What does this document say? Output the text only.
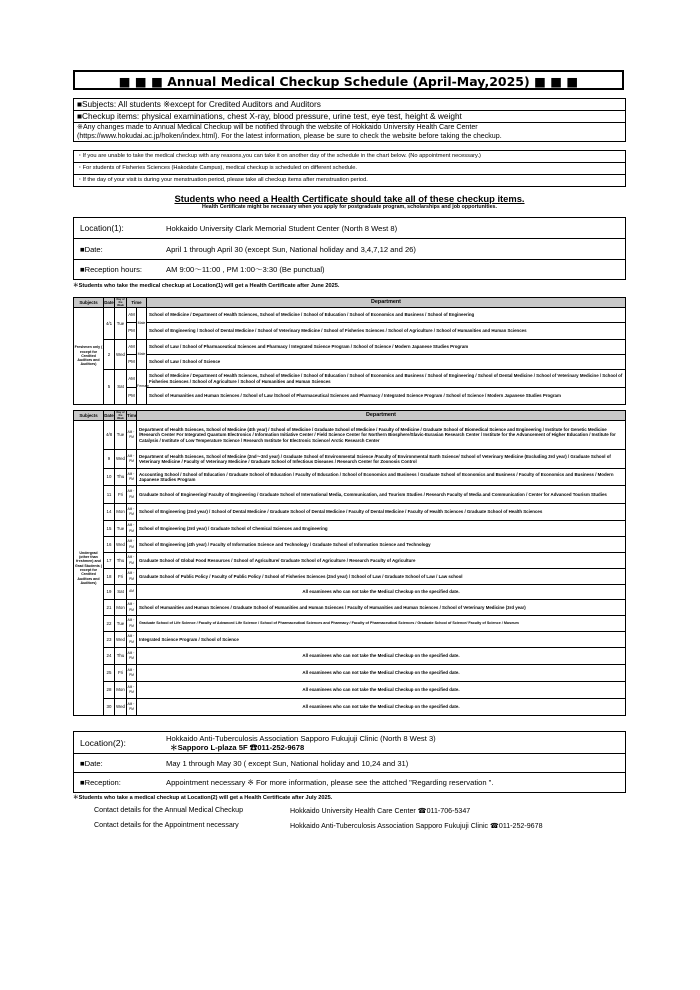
■ ■ ■ Annual Medical Checkup Schedule (April-May,2025) ■ ■ ■
■Subjects: All students ※except for Credited Auditors and Auditors
■Checkup items: physical examinations, chest X-ray, blood pressure, urine test, eye test, height & weight
※Any changes made to Annual Medical Checkup will be notified through the website of Hokkaido University Health Care Center
(https://www.hokudai.ac.jp/hoken/index.html). For the latest information, please be sure to check the website before taking the checkup.
・If you are unable to take the medical checkup with any reasons,you can take it on another day of the schedule in the chart below. (No appointment necessary.)
・For students of Fisheries Sciences (Hakodate Campus), medical checkup is scheduled on different schedule.
・If the day of your visit is during your menstruation period, please take all checkup items after menstruation period.
Students who need a Health Certificate should take all of these checkup items.
Health Certificate might be necessary when you apply for postgraduate program, scholarships and job opportunities.
Location(1):	Hokkaido University Clark Memorial Student Center (North 8 West 8)
■Date:	April 1 through April 30 (except Sun, National holiday and 3,4,7,12 and 26)
■Reception hours:	AM 9:00～11:00 , PM 1:00～3:30 (Be punctual)
＊Students who take the medical checkup at Location(1) will get a Health Certificate after June 2025.
Subjects	Date	Day of the Week	Time		Department
Freshmen only ( except for Credited Auditors and Auditors)	4/1	Tue	AM	Male	School of Medicine / Department of Health Sciences, School of Medicine / School of Education / School of Economics and Business / School of Engineering
			PM		School of Engineering / School of Dental Medicine / School of Veterinary Medicine / School of Fisheries Sciences / School of Agriculture / School of Humanities and Human Sciences
	2	Wed	AM	Male	School of Law / School of Pharmaceutical Sciences and Pharmacy / Integrated Science Program / School of Science / Modern Japanese Studies Program
			PM		School of Law / School of Science
	5	Sat	AM	Female	School of Medicine / Department of Health Sciences, School of Medicine / School of Education / School of Economics and Business / School of Engineering / School of Dental Medicine / School of Veterinary Medicine / School of Fisheries Sciences / School of Agriculture / School of Humanities and Human Sciences
			PM		School of Humanities and Human Sciences / School of Law /School of Pharmaceutical Sciences and Pharmacy / Integrated Science Program / School of Science / Modern Japanese Studies Program
Subjects	Date	Day of the Week	Time	Department
Undergrad (other than freshmen) and Grad Students ( except for Credited Auditors and Auditors)	4/8	Tue	AM・PM	Department of Health Sciences, School of Medicine (4th year) / School of Medicine / Graduate School of Medicine / Faculty of Medicine / Graduate School of Biomedical Science and Engineering / Institute for Genetic Medicine /Research Center For Integrated Quantum Electronics / Information Initiative Center / Field Science Center for Northern Biosphere/Slavic-Eurasian Research Center / Institute for the Advancement of Higher Education / Institute for Catalysis / Institute of Low Temperature Science / Research Institute for Electronic Science/ Arctic Research Center
	9	Wed	AM・PM	Department of Health Sciences, School of Medicine (2nd～3rd year) / Graduate School of Environmental Science /Faculty of Environmental Earth Science/ School of Veterinary Medicine (Excluding 3rd year) / Graduate School of Veterinary Medicine / Faculty of Veterinary Medicine / Graduate School of Infectious Diseases / Research Center for Zoonosis Control
	10	Thu	AM・PM	Accounting School / School of Education / Graduate School of Education / Faculty of Education / School of Economics and Business / Graduate School of Economics and Business / Faculty of Economics and Business / Modern Japanese Studies Program
	11	Fri	AM・PM	Graduate School of Engineering/ Faculty of Engineering / Graduate School of International Media, Communication, and Tourism Studies / Research Faculty of Media and Communication / Center for Advanced Tourism Studies
	14	Mon	AM・PM	School of Engineering (2nd year) / School of Dental Medicine / Graduate School of Dental Medicine / Faculty of Dental Medicine / Faculty of Health Sciences / Graduate School of Health Sciences
	15	Tue	AM・PM	School of Engineering (3rd year) / Graduate School of Chemical Sciences and Engineering
	16	Wed	AM・PM	School of Engineering (4th year) / Faculty of Information Science and Technology / Graduate School of Information Science and Technology
	17	Thu	AM・PM	Graduate School of Global Food Resources / School of Agriculture/ Graduate School of Agriculture / Research Faculty of Agriculture
	18	Fri	AM・PM	Graduate School of Public Policy / Faculty of Public Policy / School of Fisheries Sciences (2nd year) / School of Law / Graduate School of Law / Law school
	19	Sat	AM	All examinees who can not take the Medical Checkup on the specified date.
	21	Mon	AM・PM	School of Humanities and Human Sciences / Graduate School of Humanities and Human Sciences / Faculty of Humanities and Human Sciences / School of Veterinary Medicine (3rd year)
	22	Tue	AM・PM	Graduate School of Life Science / Faculty of Advanced Life Science / School of Pharmaceutical Sciences and Pharmacy / Faculty of Pharmaceutical Sciences / Graduate School of Science/ Faculty of Science / Museum
	23	Wed	AM・PM	Integrated Science Program / School of Science
	24	Thu	AM・PM	All examinees who can not take the Medical Checkup on the specified date.
	25	Fri	AM・PM	All examinees who can not take the Medical Checkup on the specified date.
	28	Mon	AM・PM	All examinees who can not take the Medical Checkup on the specified date.
	30	Wed	AM・PM	All examinees who can not take the Medical Checkup on the specified date.
Location(2):	Hokkaido Anti-Tuberculosis Association Sapporo Fukujuji Clinic (North 8 West 3)
＊Sapporo L-plaza 5F ☎011-252-9678
■Date:	May 1 through May 30 ( except Sun, National holiday and 10,24 and 31)
■Reception:	Appointment necessary ※ For more information, please see the attched "Regarding reservation ".
＊Students who take a medical checkup at Location(2) will get a Health Certificate after July 2025.
Contact details for the Annual Medical Checkup	Hokkaido University Health Care Center ☎011-706-5347
Contact details for the Appointment necessary	Hokkaido Anti-Tuberculosis Association Sapporo Fukujuji Clinic ☎011-252-9678
